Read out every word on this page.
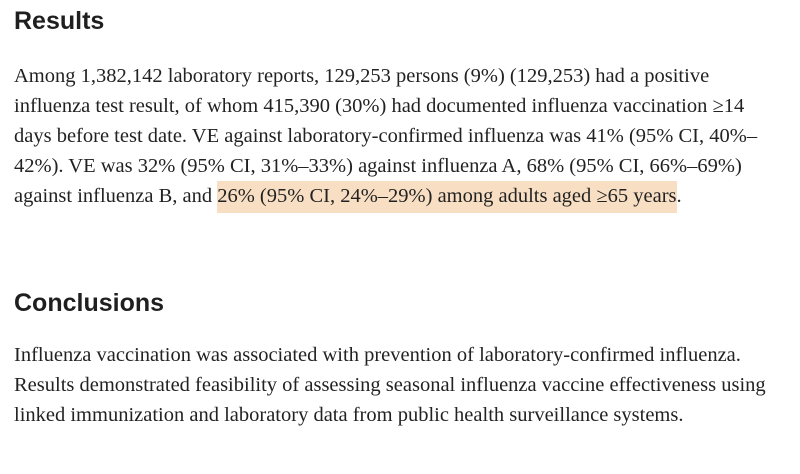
Results

Among 1,382,142 laboratory reports, 129,253 persons (9%) (129,253) had a positive influenza test result, of whom 415,390 (30%) had documented influenza vaccination ≥14 days before test date. VE against laboratory-confirmed influenza was 41% (95% CI, 40%–42%). VE was 32% (95% CI, 31%–33%) against influenza A, 68% (95% CI, 66%–69%) against influenza B, and 26% (95% CI, 24%–29%) among adults aged ≥65 years.

Conclusions

Influenza vaccination was associated with prevention of laboratory-confirmed influenza. Results demonstrated feasibility of assessing seasonal influenza vaccine effectiveness using linked immunization and laboratory data from public health surveillance systems.
